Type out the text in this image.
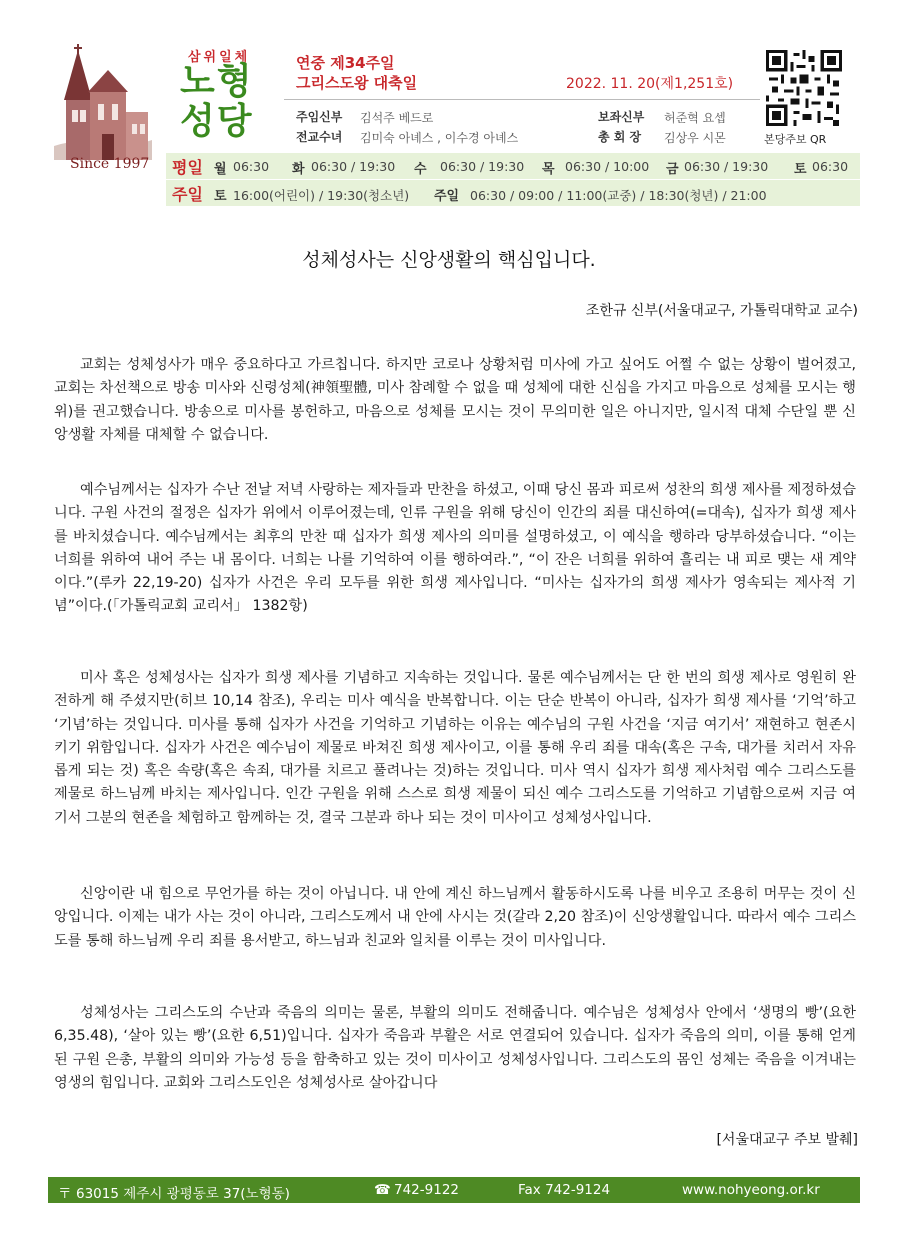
Since 1997
삼위일체
노형
성당
연중 제34주일
그리스도왕 대축일	2022. 11. 20(제1,251호)
주임신부 김석주 베드로	보좌신부 허준혁 요셉
전교수녀 김미숙 아녜스 , 이수경 아녜스	총 회 장 김상우 시몬	본당주보 QR
평일 월 06:30 화 06:30 / 19:30 수 06:30 / 19:30 목 06:30 / 10:00 금 06:30 / 19:30 토 06:30
주일 토 16:00(어린이) / 19:30(청소년) 주일 06:30 / 09:00 / 11:00(교중) / 18:30(청년) / 21:00
성체성사는 신앙생활의 핵심입니다.
조한규 신부(서울대교구, 가톨릭대학교 교수)

교회는 성체성사가 매우 중요하다고 가르칩니다. 하지만 코로나 상황처럼 미사에 가고 싶어도 어쩔 수 없는 상황이 벌어졌고, 교회는 차선책으로 방송 미사와 신령성체(神領聖體, 미사 참례할 수 없을 때 성체에 대한 신심을 가지고 마음으로 성체를 모시는 행위)를 권고했습니다. 방송으로 미사를 봉헌하고, 마음으로 성체를 모시는 것이 무의미한 일은 아니지만, 일시적 대체 수단일 뿐 신앙생활 자체를 대체할 수 없습니다.

예수님께서는 십자가 수난 전날 저녁 사랑하는 제자들과 만찬을 하셨고, 이때 당신 몸과 피로써 성찬의 희생 제사를 제정하셨습니다. 구원 사건의 절정은 십자가 위에서 이루어졌는데, 인류 구원을 위해 당신이 인간의 죄를 대신하여(=대속), 십자가 희생 제사를 바치셨습니다. 예수님께서는 최후의 만찬 때 십자가 희생 제사의 의미를 설명하셨고, 이 예식을 행하라 당부하셨습니다. “이는 너희를 위하여 내어 주는 내 몸이다. 너희는 나를 기억하여 이를 행하여라.”, “이 잔은 너희를 위하여 흘리는 내 피로 맺는 새 계약이다.”(루카 22,19-20) 십자가 사건은 우리 모두를 위한 희생 제사입니다. “미사는 십자가의 희생 제사가 영속되는 제사적 기념”이다.(「가톨릭교회 교리서」 1382항)

미사 혹은 성체성사는 십자가 희생 제사를 기념하고 지속하는 것입니다. 물론 예수님께서는 단 한 번의 희생 제사로 영원히 완전하게 해 주셨지만(히브 10,14 참조), 우리는 미사 예식을 반복합니다. 이는 단순 반복이 아니라, 십자가 희생 제사를 ‘기억’하고 ‘기념’하는 것입니다. 미사를 통해 십자가 사건을 기억하고 기념하는 이유는 예수님의 구원 사건을 ‘지금 여기서’ 재현하고 현존시키기 위함입니다. 십자가 사건은 예수님이 제물로 바쳐진 희생 제사이고, 이를 통해 우리 죄를 대속(혹은 구속, 대가를 치러서 자유롭게 되는 것) 혹은 속량(혹은 속죄, 대가를 치르고 풀려나는 것)하는 것입니다. 미사 역시 십자가 희생 제사처럼 예수 그리스도를 제물로 하느님께 바치는 제사입니다. 인간 구원을 위해 스스로 희생 제물이 되신 예수 그리스도를 기억하고 기념함으로써 지금 여기서 그분의 현존을 체험하고 함께하는 것, 결국 그분과 하나 되는 것이 미사이고 성체성사입니다.

신앙이란 내 힘으로 무언가를 하는 것이 아닙니다. 내 안에 계신 하느님께서 활동하시도록 나를 비우고 조용히 머무는 것이 신앙입니다. 이제는 내가 사는 것이 아니라, 그리스도께서 내 안에 사시는 것(갈라 2,20 참조)이 신앙생활입니다. 따라서 예수 그리스도를 통해 하느님께 우리 죄를 용서받고, 하느님과 친교와 일치를 이루는 것이 미사입니다.

성체성사는 그리스도의 수난과 죽음의 의미는 물론, 부활의 의미도 전해줍니다. 예수님은 성체성사 안에서 ‘생명의 빵’(요한 6,35.48), ‘살아 있는 빵’(요한 6,51)입니다. 십자가 죽음과 부활은 서로 연결되어 있습니다. 십자가 죽음의 의미, 이를 통해 얻게 된 구원 은총, 부활의 의미와 가능성 등을 함축하고 있는 것이 미사이고 성체성사입니다. 그리스도의 몸인 성체는 죽음을 이겨내는 영생의 힘입니다. 교회와 그리스도인은 성체성사로 살아갑니다

[서울대교구 주보 발췌]
〒 63015 제주시 광평동로 37(노형동)	☎ 742-9122	Fax 742-9124	www.nohyeong.or.kr
